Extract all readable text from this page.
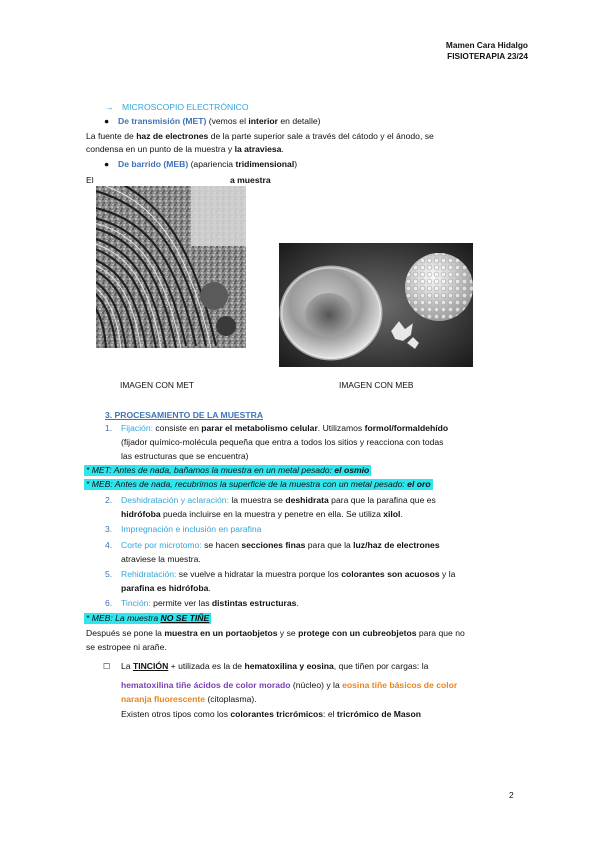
Mamen Cara Hidalgo
FISIOTERAPIA 23/24
→ MICROSCOPIO ELECTRÓNICO
● De transmisión (MET) (vemos el interior en detalle)
La fuente de haz de electrones de la parte superior sale a través del cátodo y el ánodo, se
condensa en un punto de la muestra y la atraviesa.
● De barrido (MEB) (apariencia tridimensional)
El	a muestra
IMAGEN CON MET	IMAGEN CON MEB
3. PROCESAMIENTO DE LA MUESTRA
1. Fijación: consiste en parar el metabolismo celular. Utilizamos formol/formaldehído
(fijador químico-molécula pequeña que entra a todos los sitios y reacciona con todas
las estructuras que se encuentra)
* MET: Antes de nada, bañamos la muestra en un metal pesado: el osmio
* MEB: Antes de nada, recubrimos la superficie de la muestra con un metal pesado: el oro
2. Deshidratación y aclaración: la muestra se deshidrata para que la parafina que es
hidrófoba pueda incluirse en la muestra y penetre en ella. Se utiliza xilol.
3. Impregnación e inclusión en parafina
4. Corte por microtomo: se hacen secciones finas para que la luz/haz de electrones
atraviese la muestra.
5. Rehidratación: se vuelve a hidratar la muestra porque los colorantes son acuosos y la
parafina es hidrófoba.
6. Tinción: permite ver las distintas estructuras.
* MEB: La muestra NO SE TIÑE
Después se pone la muestra en un portaobjetos y se protege con un cubreobjetos para que no
se estropee ni arañe.
☐ La TINCIÓN + utilizada es la de hematoxilina y eosina, que tiñen por cargas: la
hematoxilina tiñe ácidos de color morado (núcleo) y la eosina tiñe básicos de color
naranja fluorescente (citoplasma).
Existen otros tipos como los colorantes tricrómicos: el tricrómico de Mason
2
